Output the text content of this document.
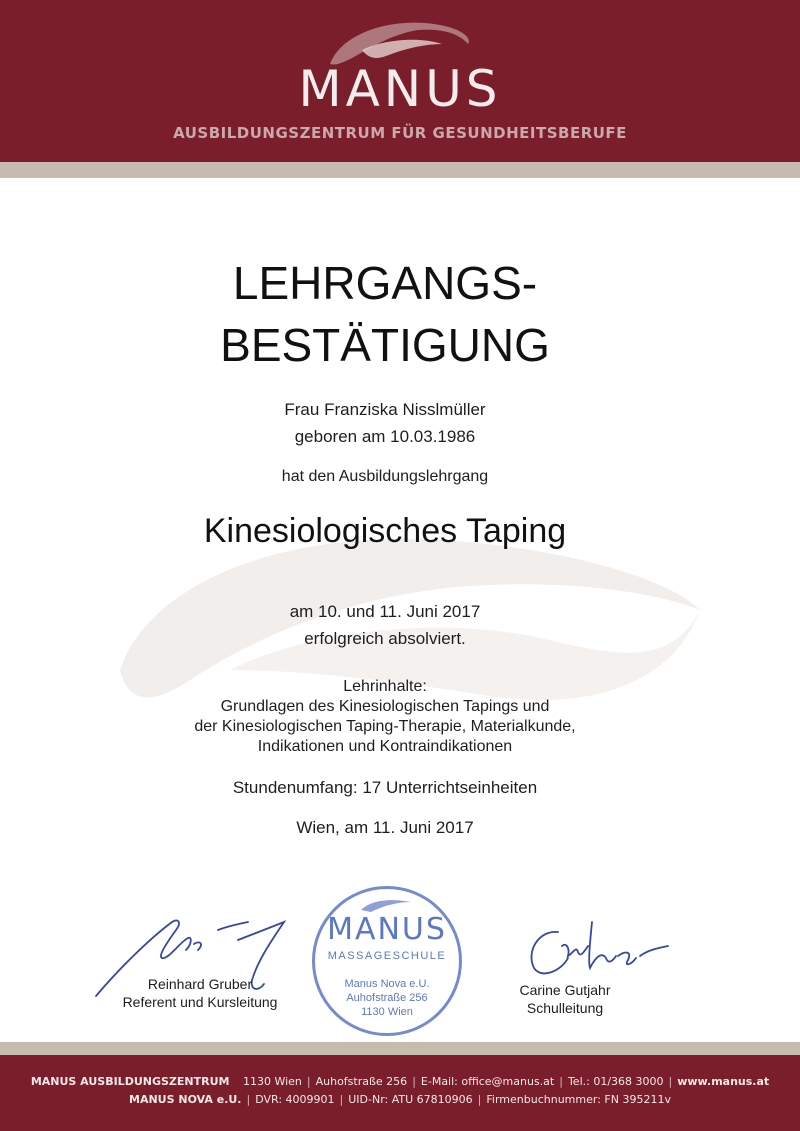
MANUS
AUSBILDUNGSZENTRUM FÜR GESUNDHEITSBERUFE
LEHRGANGS-
BESTÄTIGUNG
Frau Franziska Nisslmüller
geboren am 10.03.1986
hat den Ausbildungslehrgang
Kinesiologisches Taping
am 10. und 11. Juni 2017
erfolgreich absolviert.
Lehrinhalte:
Grundlagen des Kinesiologischen Tapings und
der Kinesiologischen Taping-Therapie, Materialkunde,
Indikationen und Kontraindikationen
Stundenumfang: 17 Unterrichtseinheiten
Wien, am 11. Juni 2017
Reinhard Gruber
Referent und Kursleitung
MANUS
MASSAGESCHULE
Manus Nova e.U.
Auhofstraße 256
1130 Wien
Carine Gutjahr
Schulleitung
MANUS AUSBILDUNGSZENTRUM 1130 Wien | Auhofstraße 256 | E-Mail: office@manus.at | Tel.: 01/368 3000 | www.manus.at
MANUS NOVA e.U. | DVR: 4009901 | UID-Nr: ATU 67810906 | Firmenbuchnummer: FN 395211v
